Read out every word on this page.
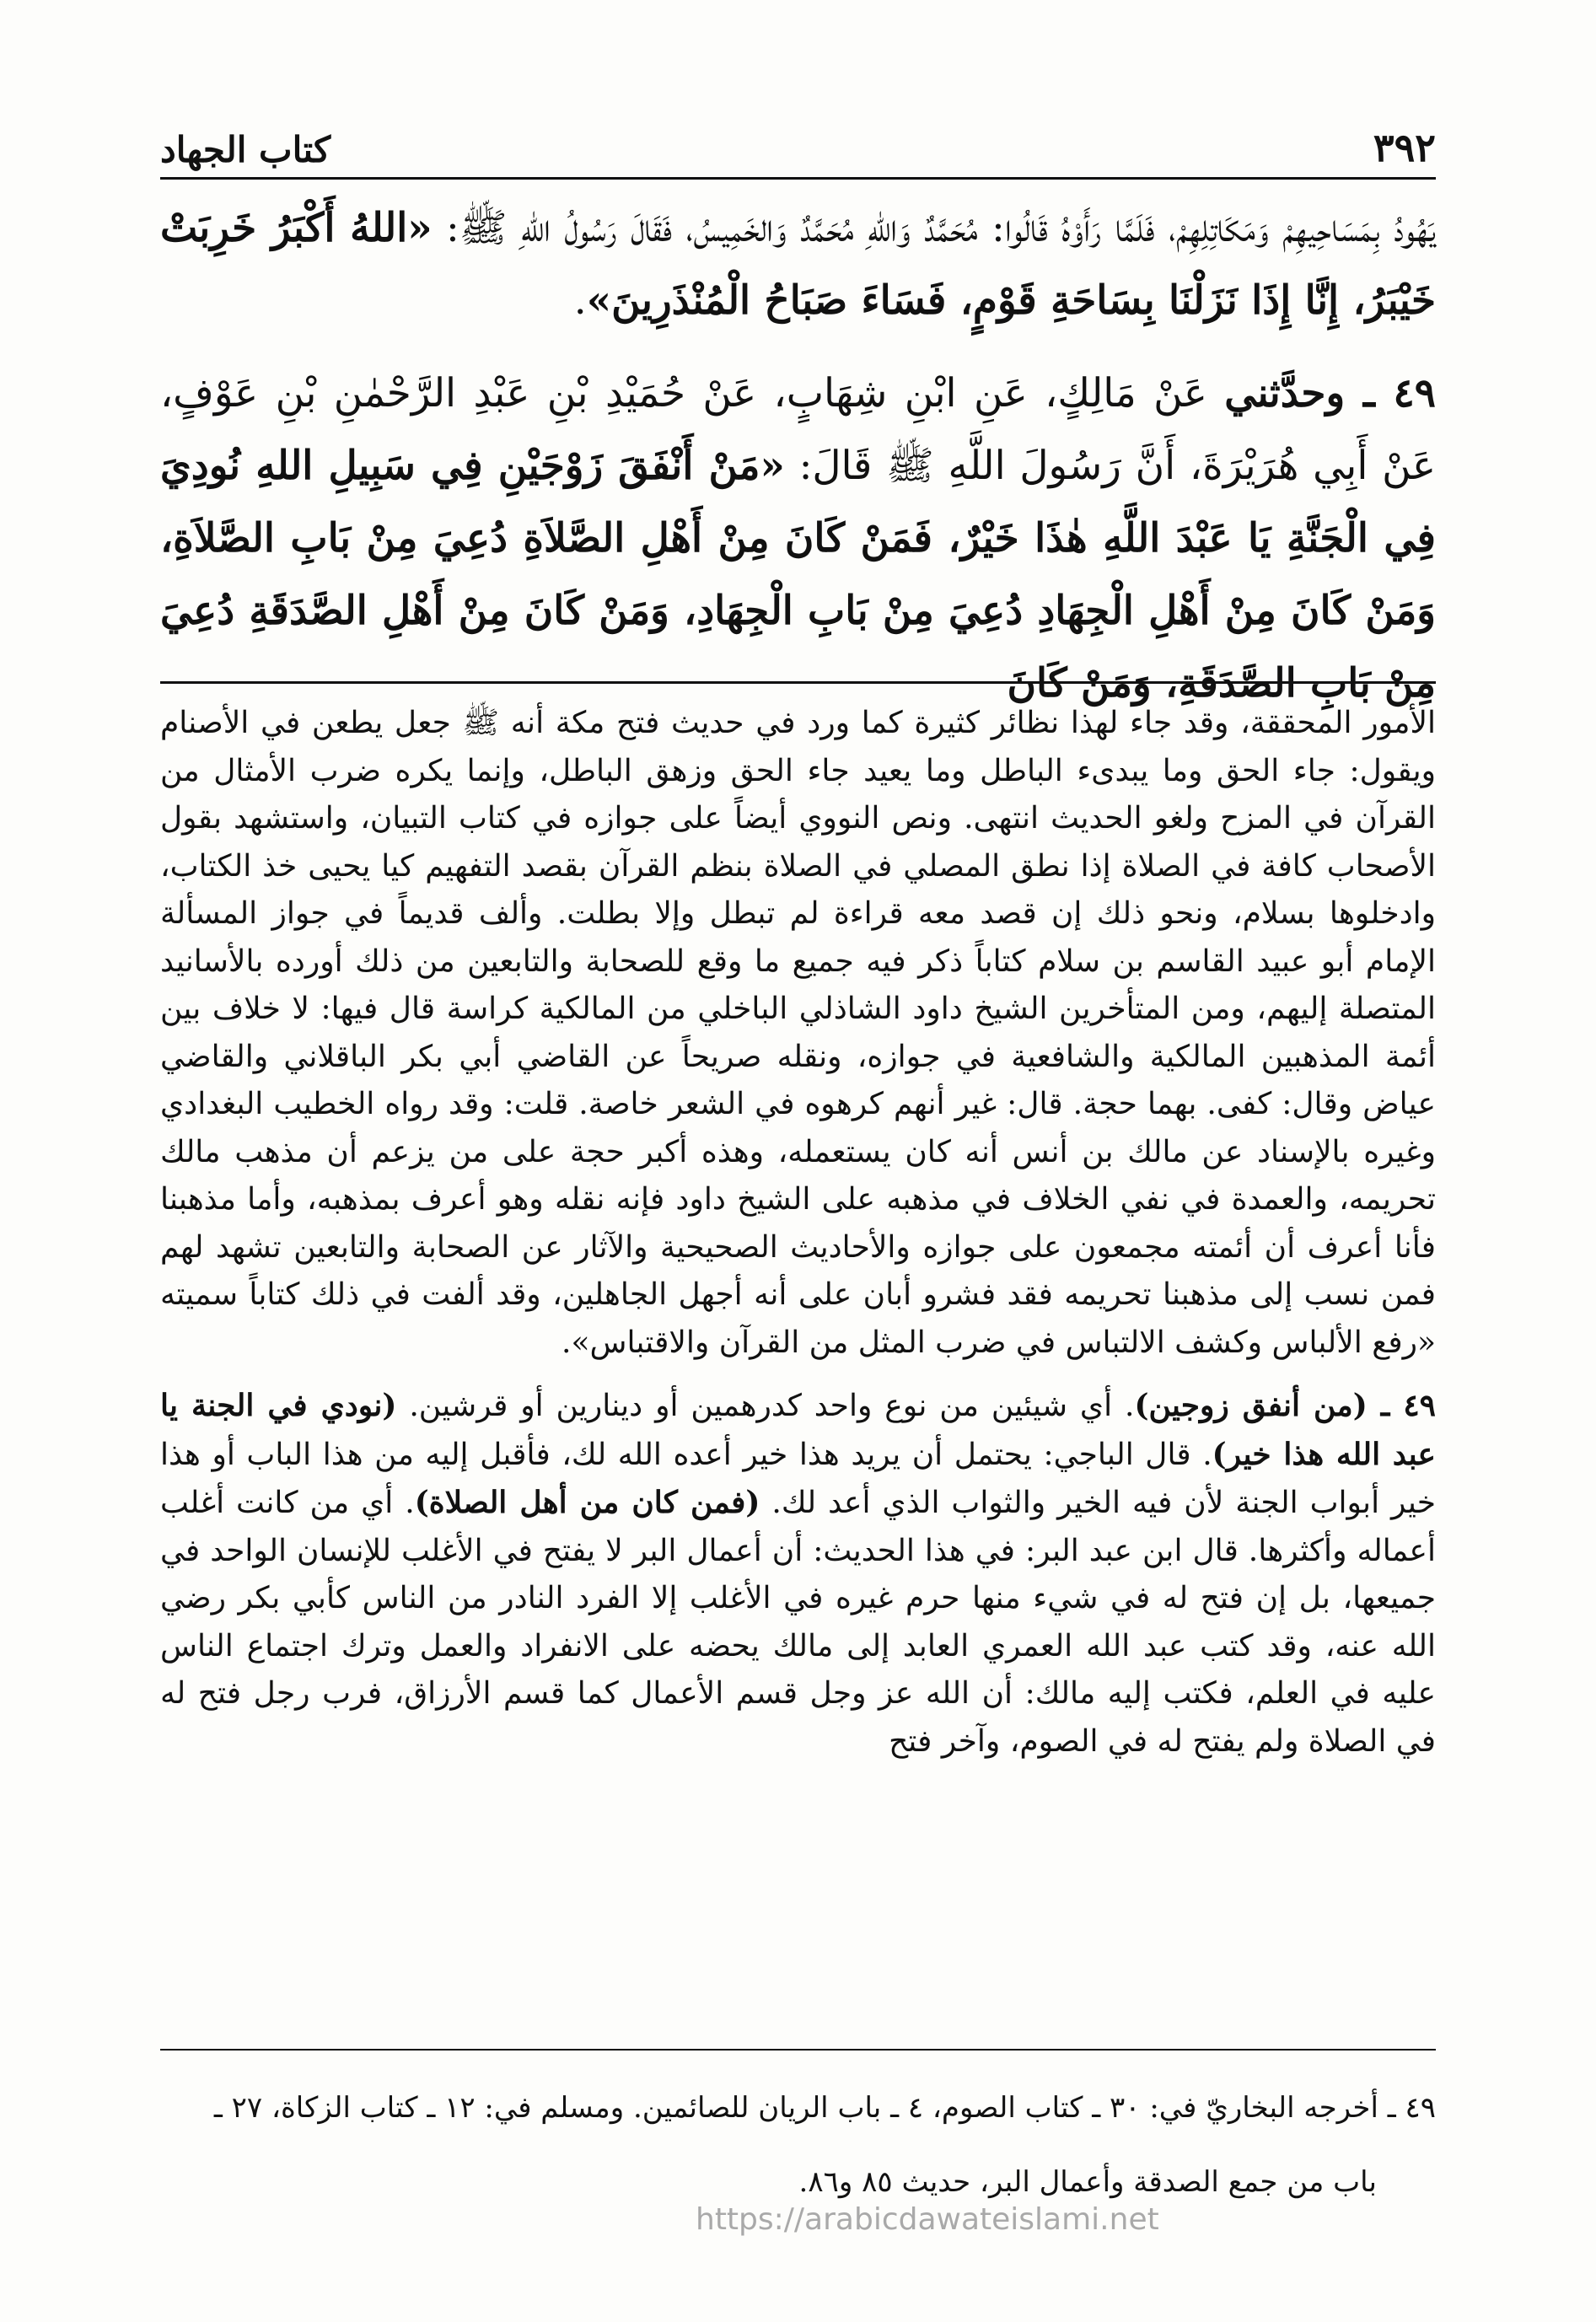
٣٩٢
كتاب الجهاد

يَهُودُ بِمَسَاحِيهِمْ وَمَكَاتِلِهِمْ، فَلَمَّا رَأَوْهُ قَالُوا: مُحَمَّدٌ وَاللهِ مُحَمَّدٌ وَالخَمِيسُ، فَقَالَ رَسُولُ اللهِ ﷺ: «اللهُ أَكْبَرُ خَرِبَتْ خَيْبَرُ، إِنَّا إِذَا نَزَلْنَا بِسَاحَةِ قَوْمٍ، فَسَاءَ صَبَاحُ الْمُنْذَرِينَ».

٤٩ ـ وحدَّثني عَنْ مَالِكٍ، عَنِ ابْنِ شِهَابٍ، عَنْ حُمَيْدِ بْنِ عَبْدِ الرَّحْمٰنِ بْنِ عَوْفٍ، عَنْ أَبِي هُرَيْرَةَ، أَنَّ رَسُولَ اللَّهِ ﷺ قَالَ: «مَنْ أَنْفَقَ زَوْجَيْنِ فِي سَبِيلِ اللهِ نُودِيَ فِي الْجَنَّةِ يَا عَبْدَ اللَّهِ هٰذَا خَيْرٌ، فَمَنْ كَانَ مِنْ أَهْلِ الصَّلاَةِ دُعِيَ مِنْ بَابِ الصَّلاَةِ، وَمَنْ كَانَ مِنْ أَهْلِ الْجِهَادِ دُعِيَ مِنْ بَابِ الْجِهَادِ، وَمَنْ كَانَ مِنْ أَهْلِ الصَّدَقَةِ دُعِيَ مِنْ بَابِ الصَّدَقَةِ، وَمَنْ كَانَ

الأمور المحققة، وقد جاء لهذا نظائر كثيرة كما ورد في حديث فتح مكة أنه ﷺ جعل يطعن في الأصنام ويقول: جاء الحق وما يبدىء الباطل وما يعيد جاء الحق وزهق الباطل، وإنما يكره ضرب الأمثال من القرآن في المزح ولغو الحديث انتهى. ونص النووي أيضاً على جوازه في كتاب التبيان، واستشهد بقول الأصحاب كافة في الصلاة إذا نطق المصلي في الصلاة بنظم القرآن بقصد التفهيم كيا يحيى خذ الكتاب، وادخلوها بسلام، ونحو ذلك إن قصد معه قراءة لم تبطل وإلا بطلت. وألف قديماً في جواز المسألة الإمام أبو عبيد القاسم بن سلام كتاباً ذكر فيه جميع ما وقع للصحابة والتابعين من ذلك أورده بالأسانيد المتصلة إليهم، ومن المتأخرين الشيخ داود الشاذلي الباخلي من المالكية كراسة قال فيها: لا خلاف بين أئمة المذهبين المالكية والشافعية في جوازه، ونقله صريحاً عن القاضي أبي بكر الباقلاني والقاضي عياض وقال: كفى. بهما حجة. قال: غير أنهم كرهوه في الشعر خاصة. قلت: وقد رواه الخطيب البغدادي وغيره بالإسناد عن مالك بن أنس أنه كان يستعمله، وهذه أكبر حجة على من يزعم أن مذهب مالك تحريمه، والعمدة في نفي الخلاف في مذهبه على الشيخ داود فإنه نقله وهو أعرف بمذهبه، وأما مذهبنا فأنا أعرف أن أئمته مجمعون على جوازه والأحاديث الصحيحية والآثار عن الصحابة والتابعين تشهد لهم فمن نسب إلى مذهبنا تحريمه فقد فشرو أبان على أنه أجهل الجاهلين، وقد ألفت في ذلك كتاباً سميته «رفع الألباس وكشف الالتباس في ضرب المثل من القرآن والاقتباس».

٤٩ ـ (من أنفق زوجين). أي شيئين من نوع واحد كدرهمين أو دينارين أو قرشين. (نودي في الجنة يا عبد الله هذا خير). قال الباجي: يحتمل أن يريد هذا خير أعده الله لك، فأقبل إليه من هذا الباب أو هذا خير أبواب الجنة لأن فيه الخير والثواب الذي أعد لك. (فمن كان من أهل الصلاة). أي من كانت أغلب أعماله وأكثرها. قال ابن عبد البر: في هذا الحديث: أن أعمال البر لا يفتح في الأغلب للإنسان الواحد في جميعها، بل إن فتح له في شيء منها حرم غيره في الأغلب إلا الفرد النادر من الناس كأبي بكر رضي الله عنه، وقد كتب عبد الله العمري العابد إلى مالك يحضه على الانفراد والعمل وترك اجتماع الناس عليه في العلم، فكتب إليه مالك: أن الله عز وجل قسم الأعمال كما قسم الأرزاق، فرب رجل فتح له في الصلاة ولم يفتح له في الصوم، وآخر فتح

٤٩ ـ أخرجه البخاريّ في: ٣٠ ـ كتاب الصوم، ٤ ـ باب الريان للصائمين. ومسلم في: ١٢ ـ كتاب الزكاة، ٢٧ ـ

باب من جمع الصدقة وأعمال البر، حديث ٨٥ و٨٦.

https://arabicdawateislami.net
